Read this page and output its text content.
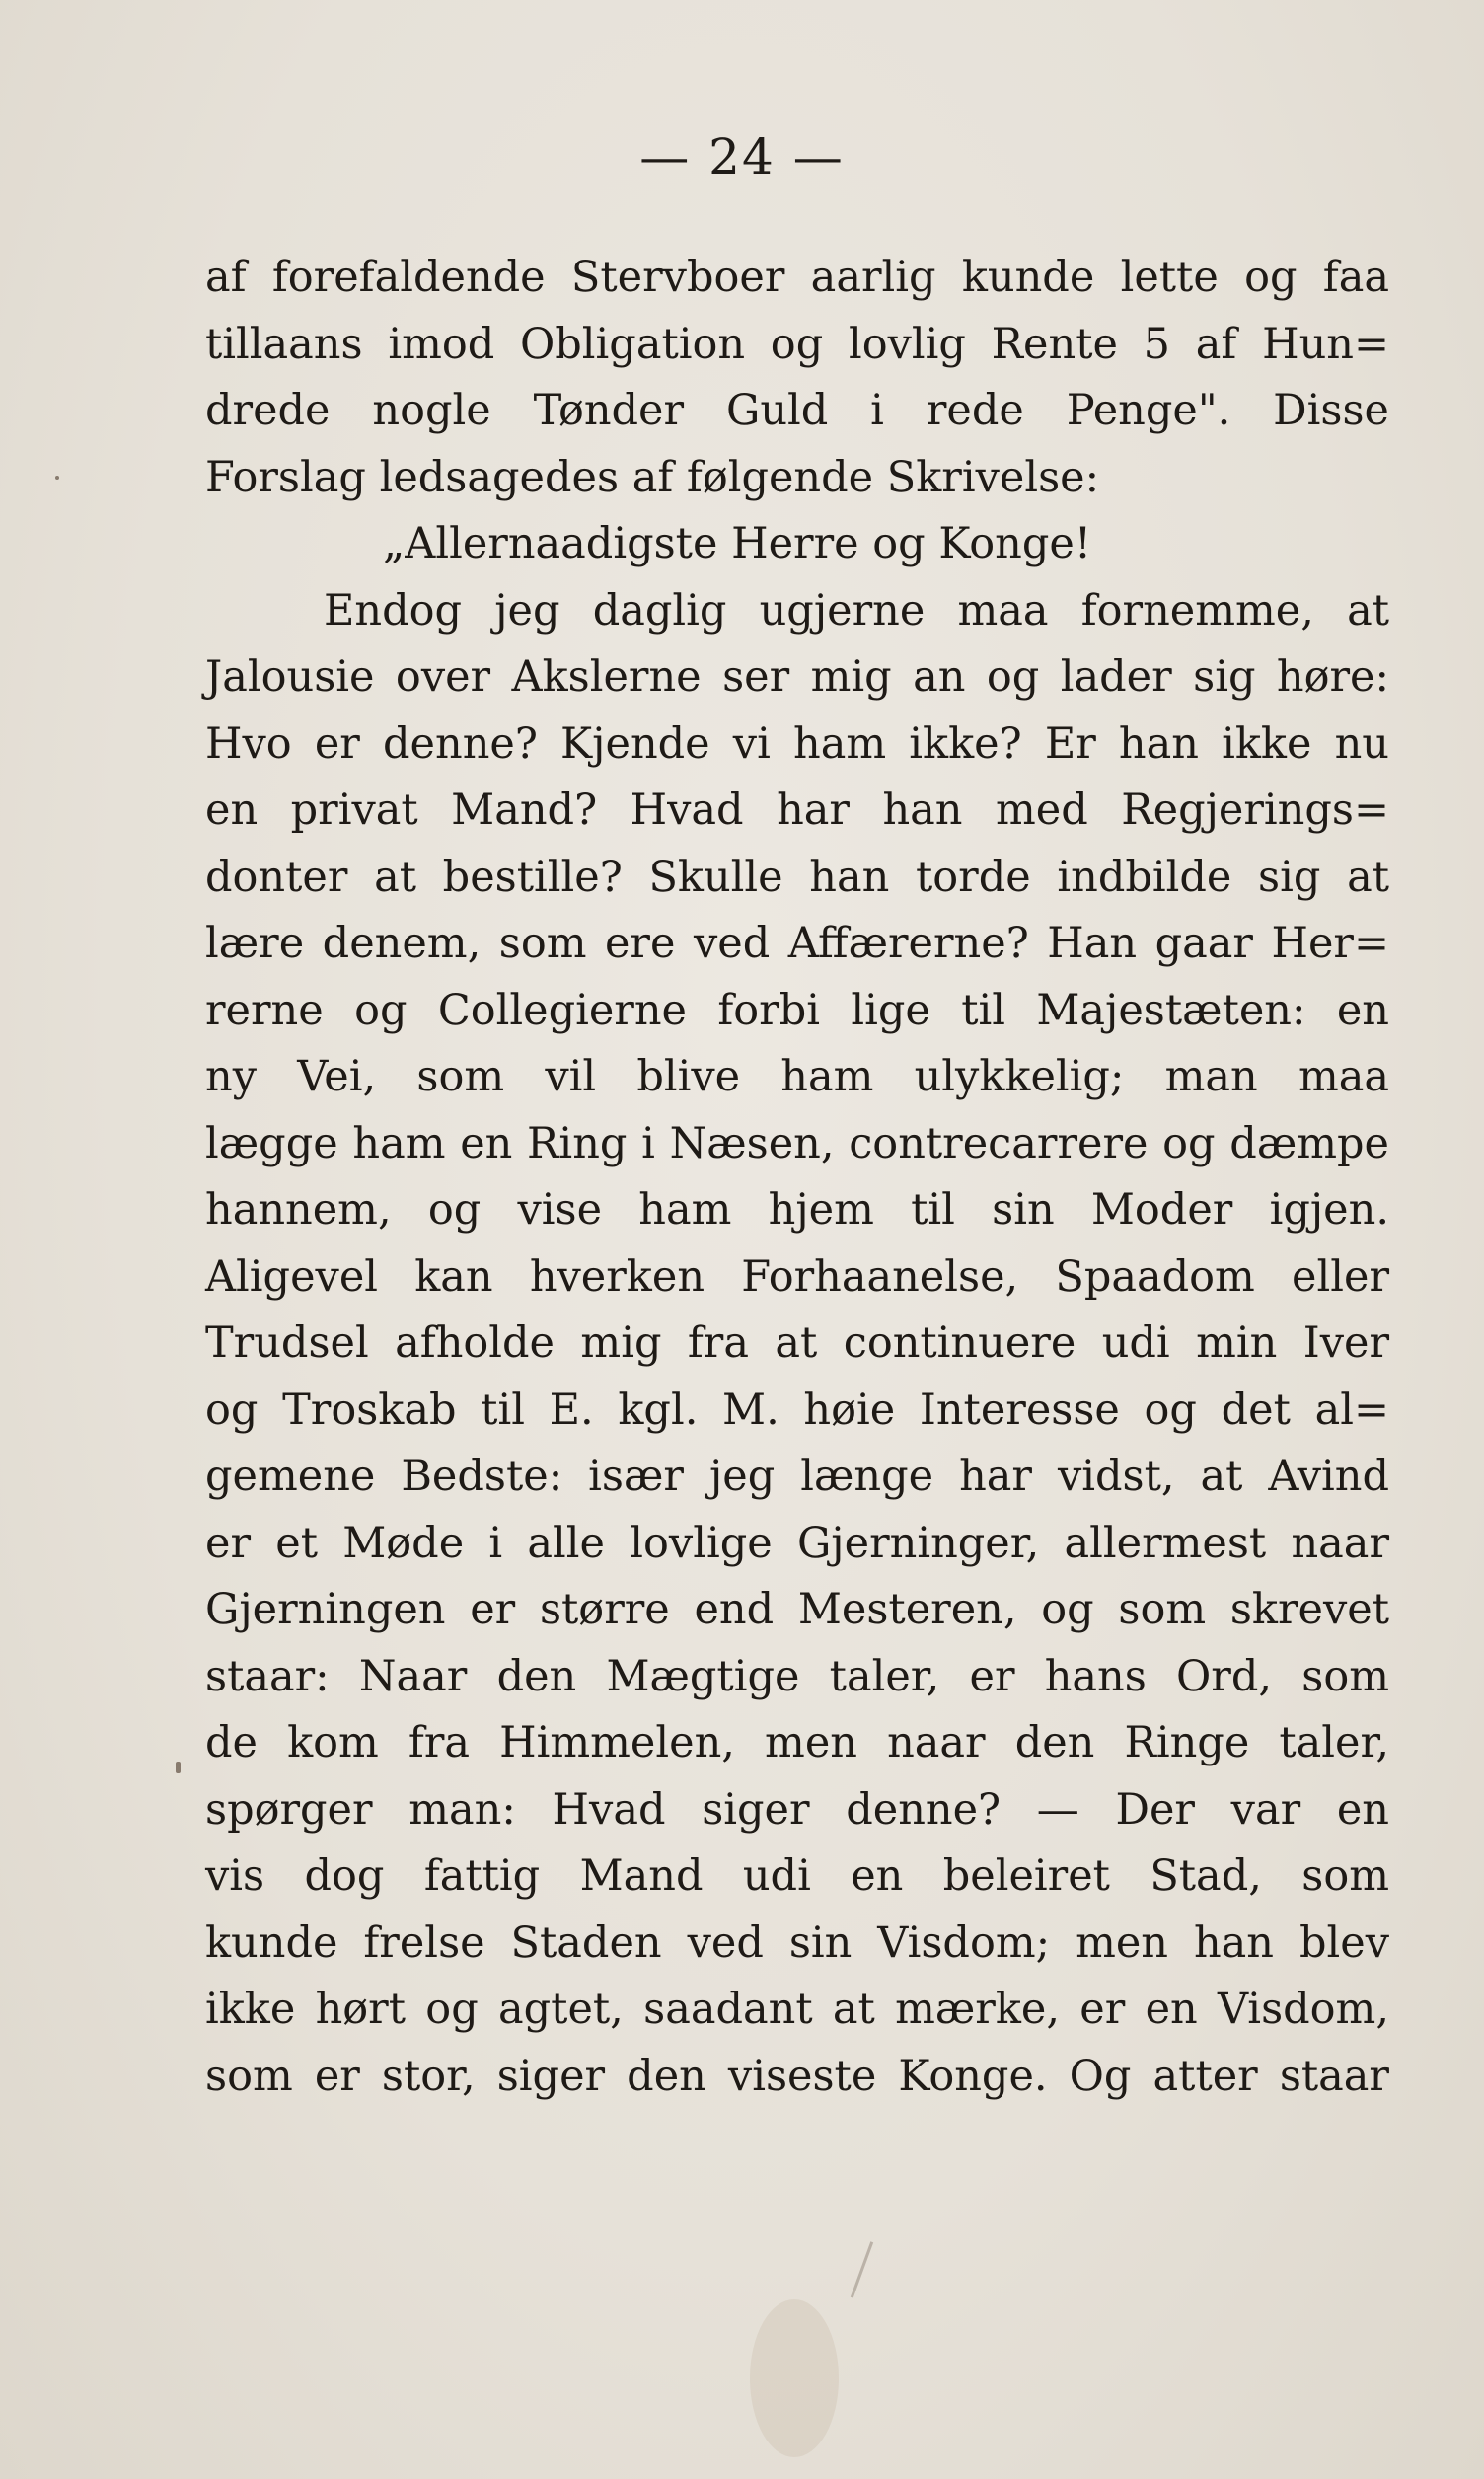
— 24 —
af forefaldende Stervboer aarlig kunde lette og faa
tillaans imod Obligation og lovlig Rente 5 af Hun=
drede nogle Tønder Guld i rede Penge". Disse
Forslag ledsagedes af følgende Skrivelse:
„Allernaadigste Herre og Konge!
Endog jeg daglig ugjerne maa fornemme, at
Jalousie over Akslerne ser mig an og lader sig høre:
Hvo er denne? Kjende vi ham ikke? Er han ikke nu
en privat Mand? Hvad har han med Regjerings=
donter at bestille? Skulle han torde indbilde sig at
lære denem, som ere ved Affærerne? Han gaar Her=
rerne og Collegierne forbi lige til Majestæten: en
ny Vei, som vil blive ham ulykkelig; man maa
lægge ham en Ring i Næsen, contrecarrere og dæmpe
hannem, og vise ham hjem til sin Moder igjen.
Aligevel kan hverken Forhaanelse, Spaadom eller
Trudsel afholde mig fra at continuere udi min Iver
og Troskab til E. kgl. M. høie Interesse og det al=
gemene Bedste: især jeg længe har vidst, at Avind
er et Møde i alle lovlige Gjerninger, allermest naar
Gjerningen er større end Mesteren, og som skrevet
staar: Naar den Mægtige taler, er hans Ord, som
de kom fra Himmelen, men naar den Ringe taler,
spørger man: Hvad siger denne? — Der var en
vis dog fattig Mand udi en beleiret Stad, som
kunde frelse Staden ved sin Visdom; men han blev
ikke hørt og agtet, saadant at mærke, er en Visdom,
som er stor, siger den viseste Konge. Og atter staar
